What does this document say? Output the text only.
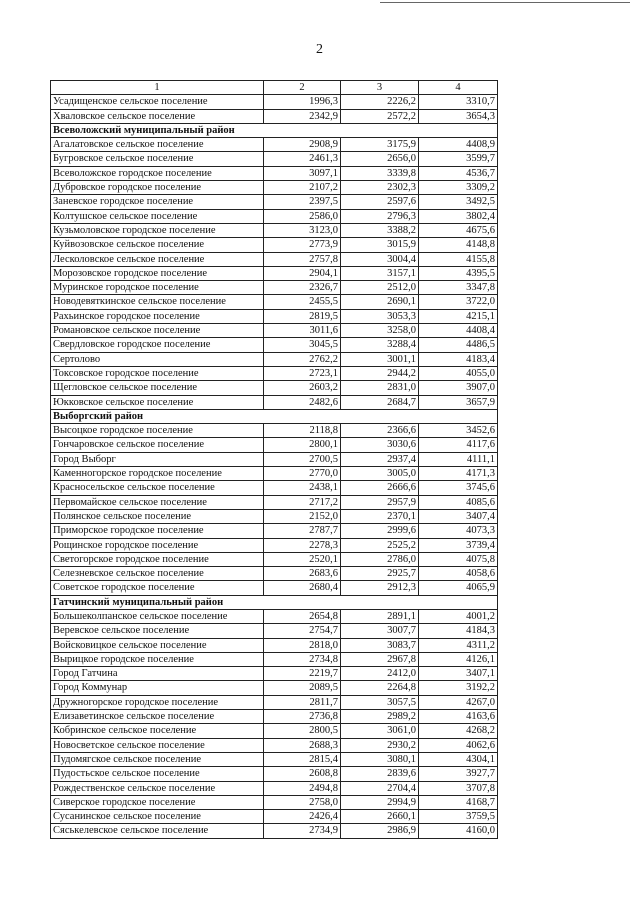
2
1	2	3	4
Усадищенское сельское поселение	1996,3	2226,2	3310,7
Хваловское сельское поселение	2342,9	2572,2	3654,3
Всеволожский муниципальный район			
Агалатовское сельское поселение	2908,9	3175,9	4408,9
Бугровское сельское поселение	2461,3	2656,0	3599,7
Всеволожское городское поселение	3097,1	3339,8	4536,7
Дубровское городское поселение	2107,2	2302,3	3309,2
Заневское городское поселение	2397,5	2597,6	3492,5
Колтушское сельское поселение	2586,0	2796,3	3802,4
Кузьмоловское городское поселение	3123,0	3388,2	4675,6
Куйвозовское сельское поселение	2773,9	3015,9	4148,8
Лесколовское сельское поселение	2757,8	3004,4	4155,8
Морозовское городское поселение	2904,1	3157,1	4395,5
Муринское городское поселение	2326,7	2512,0	3347,8
Новодевяткинское сельское поселение	2455,5	2690,1	3722,0
Рахьинское городское поселение	2819,5	3053,3	4215,1
Романовское сельское поселение	3011,6	3258,0	4408,4
Свердловское городское поселение	3045,5	3288,4	4486,5
Сертолово	2762,2	3001,1	4183,4
Токсовское городское поселение	2723,1	2944,2	4055,0
Щегловское сельское поселение	2603,2	2831,0	3907,0
Юкковское сельское поселение	2482,6	2684,7	3657,9
Выборгский район			
Высоцкое городское поселение	2118,8	2366,6	3452,6
Гончаровское сельское поселение	2800,1	3030,6	4117,6
Город Выборг	2700,5	2937,4	4111,1
Каменногорское городское поселение	2770,0	3005,0	4171,3
Красносельское сельское поселение	2438,1	2666,6	3745,6
Первомайское сельское поселение	2717,2	2957,9	4085,6
Полянское сельское поселение	2152,0	2370,1	3407,4
Приморское городское поселение	2787,7	2999,6	4073,3
Рощинское городское поселение	2278,3	2525,2	3739,4
Светогорское городское поселение	2520,1	2786,0	4075,8
Селезневское сельское поселение	2683,6	2925,7	4058,6
Советское городское поселение	2680,4	2912,3	4065,9
Гатчинский муниципальный район			
Большеколпанское сельское поселение	2654,8	2891,1	4001,2
Веревское сельское поселение	2754,7	3007,7	4184,3
Войсковицкое сельское поселение	2818,0	3083,7	4311,2
Вырицкое городское поселение	2734,8	2967,8	4126,1
Город Гатчина	2219,7	2412,0	3407,1
Город Коммунар	2089,5	2264,8	3192,2
Дружногорское городское поселение	2811,7	3057,5	4267,0
Елизаветинское сельское поселение	2736,8	2989,2	4163,6
Кобринское сельское поселение	2800,5	3061,0	4268,2
Новосветское сельское поселение	2688,3	2930,2	4062,6
Пудомягское сельское поселение	2815,4	3080,1	4304,1
Пудостьское сельское поселение	2608,8	2839,6	3927,7
Рождественское сельское поселение	2494,8	2704,4	3707,8
Сиверское городское поселение	2758,0	2994,9	4168,7
Сусанинское сельское поселение	2426,4	2660,1	3759,5
Сяськелевское сельское поселение	2734,9	2986,9	4160,0
